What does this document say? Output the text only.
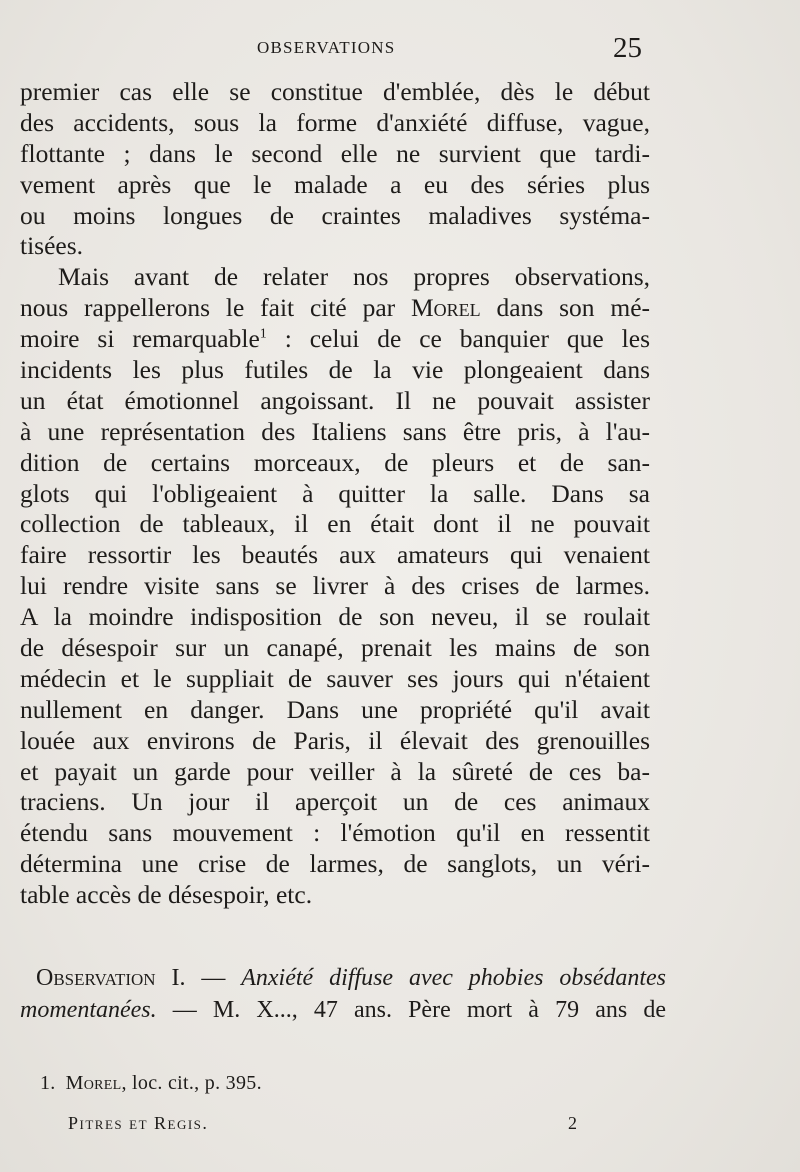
OBSERVATIONS	25
premier cas elle se constitue d'emblée, dès le début
des accidents, sous la forme d'anxiété diffuse, vague,
flottante ; dans le second elle ne survient que tardi-
vement après que le malade a eu des séries plus
ou moins longues de craintes maladives systéma-
tisées.
Mais avant de relater nos propres observations,
nous rappellerons le fait cité par Morel dans son mé-
moire si remarquable$^1$ : celui de ce banquier que les
incidents les plus futiles de la vie plongeaient dans
un état émotionnel angoissant. Il ne pouvait assister
à une représentation des Italiens sans être pris, à l'au-
dition de certains morceaux, de pleurs et de san-
glots qui l'obligeaient à quitter la salle. Dans sa
collection de tableaux, il en était dont il ne pouvait
faire ressortir les beautés aux amateurs qui venaient
lui rendre visite sans se livrer à des crises de larmes.
A la moindre indisposition de son neveu, il se roulait
de désespoir sur un canapé, prenait les mains de son
médecin et le suppliait de sauver ses jours qui n'étaient
nullement en danger. Dans une propriété qu'il avait
louée aux environs de Paris, il élevait des grenouilles
et payait un garde pour veiller à la sûreté de ces ba-
traciens. Un jour il aperçoit un de ces animaux
étendu sans mouvement : l'émotion qu'il en ressentit
détermina une crise de larmes, de sanglots, un véri-
table accès de désespoir, etc.
Observation I. — Anxiété diffuse avec phobies obsédantes
momentanées. — M. X..., 47 ans. Père mort à 79 ans de
1. Morel, loc. cit., p. 395.
Pitres et Regis.	2
